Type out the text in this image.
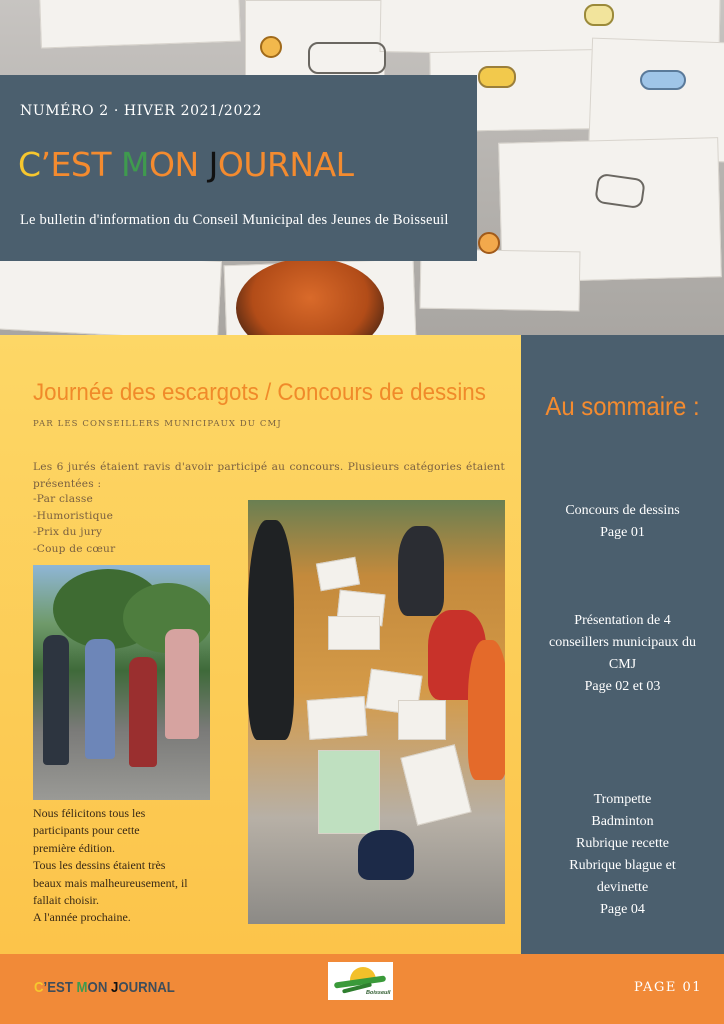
NUMÉRO 2 · HIVER 2021/2022
C’EST MON JOURNAL
Le bulletin d'information du Conseil Municipal des Jeunes de Boisseuil
Journée des escargots / Concours de dessins
PAR LES CONSEILLERS MUNICIPAUX DU CMJ
Les 6 jurés étaient ravis d'avoir participé au concours. Plusieurs catégories étaient présentées :
-Par classe
-Humoristique
-Prix du jury
-Coup de cœur
Nous félicitons tous les
participants pour cette
première édition.
Tous les dessins étaient très
beaux mais malheureusement, il
fallait choisir.
A l'année prochaine.
Au sommaire :
Concours de dessins
Page 01
Présentation de 4
conseillers municipaux du
CMJ
Page 02 et 03
Trompette
Badminton
Rubrique recette
Rubrique blague et
devinette
Page 04
C’EST MON JOURNAL	Boisseuil	PAGE 01
